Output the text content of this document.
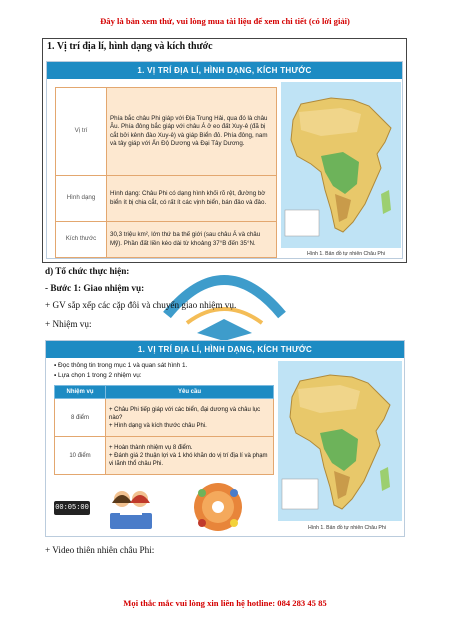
Đây là bản xem thử, vui lòng mua tài liệu để xem chi tiết (có lời giải)
1. Vị trí địa lí, hình dạng và kích thước
1. VỊ TRÍ ĐỊA LÍ, HÌNH DẠNG, KÍCH THƯỚC
Vị trí	Phía bắc châu Phi giáp với Địa Trung Hải, qua đó là châu Âu. Phía đông bắc giáp với châu Á ở eo đất Xuy-ê (đã bị cắt bởi kênh đào Xuy-ê) và giáp Biển đỏ. Phía đông, nam và tây giáp với Ấn Độ Dương và Đại Tây Dương.
Hình dạng	Hình dạng: Châu Phi có dạng hình khối rõ rệt, đường bờ biển ít bị chia cắt, có rất ít các vịnh biển, bán đảo và đảo.
Kích thước	30,3 triệu km², lớn thứ ba thế giới (sau châu Á và châu Mỹ). Phần đất liền kéo dài từ khoảng 37°B đến 35°N.
Hình 1. Bản đồ tự nhiên Châu Phi
d) Tổ chức thực hiện:
- Bước 1: Giao nhiệm vụ:
+ GV sắp xếp các cặp đôi và chuyển giao nhiệm vụ.
+ Nhiệm vụ:
1. VỊ TRÍ ĐỊA LÍ, HÌNH DẠNG, KÍCH THƯỚC
▪ Đọc thông tin trong mục 1 và quan sát hình 1.
▪ Lựa chọn 1 trong 2 nhiệm vụ:
Nhiệm vụ	Yêu cầu
8 điểm	+ Châu Phi tiếp giáp với các biển, đại dương và châu lục nào?
+ Hình dạng và kích thước châu Phi.

10 điểm	+ Hoàn thành nhiệm vụ 8 điểm.
+ Đánh giá 2 thuận lợi và 1 khó khăn do vị trí địa lí và phạm vi lãnh thổ châu Phi.
00:05:00
Hình 1. Bản đồ tự nhiên Châu Phi
+ Video thiên nhiên châu Phi:
Mọi thắc mắc vui lòng xin liên hệ hotline: 084 283 45 85
